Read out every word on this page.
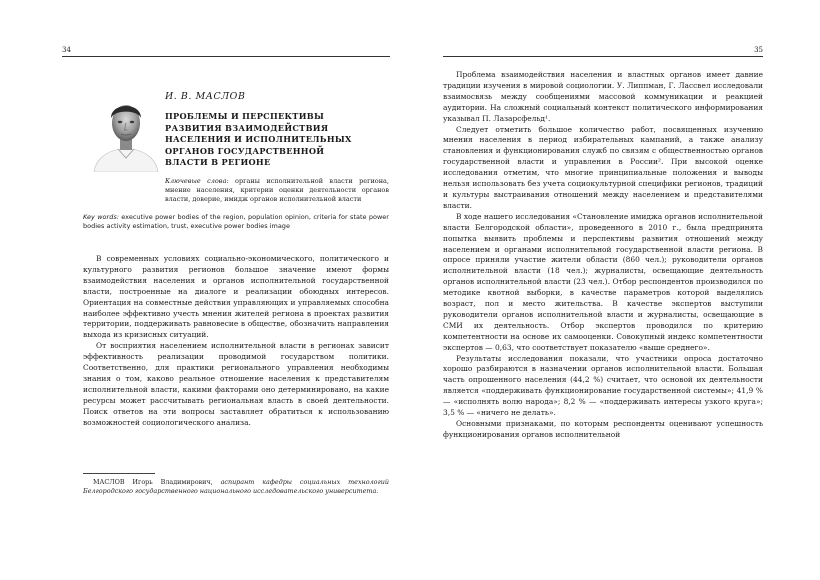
34
И. В. МАСЛОВ
ПРОБЛЕМЫ И ПЕРСПЕКТИВЫ РАЗВИТИЯ ВЗАИМОДЕЙСТВИЯ НАСЕЛЕНИЯ И ИСПОЛНИТЕЛЬНЫХ ОРГАНОВ ГОСУДАРСТВЕННОЙ ВЛАСТИ В РЕГИОНЕ
Ключевые слова: органы исполнительной власти региона, мнение населения, критерии оценки деятельности органов власти, доверие, имидж органов исполнительной власти
Key words: executive power bodies of the region, population opinion, criteria for state power bodies activity estimation, trust, executive power bodies image

В современных условиях социально-экономического, политического и культурного развития регионов большое значение имеют формы взаимодействия населения и органов исполнительной государственной власти, построенные на диалоге и реализации обоюдных интересов. Ориентация на совместные действия управляющих и управляемых способна наиболее эффективно учесть мнения жителей региона в проектах развития территории, поддерживать равновесие в обществе, обозначить направления выхода из кризисных ситуаций.

От восприятия населением исполнительной власти в регионах зависит эффективность реализации проводимой государством политики. Соответственно, для практики регионального управления необходимы знания о том, каково реальное отношение населения к представителям исполнительной власти, какими факторами оно детерминировано, на какие ресурсы может рассчитывать региональная власть в своей деятельности. Поиск ответов на эти вопросы заставляет обратиться к использованию возможностей социологического анализа.

МАСЛОВ Игорь Владимирович, аспирант кафедры социальных технологий Белгородского государственного национального исследовательского университета.
35

Проблема взаимодействия населения и властных органов имеет давние традиции изучения в мировой социологии. У. Липпман, Г. Лассвел исследовали взаимосвязь между сообщениями массовой коммуникации и реакцией аудитории. На сложный социальный контекст политического информирования указывал П. Лазарсфельд¹.

Следует отметить большое количество работ, посвященных изучению мнения населения в период избирательных кампаний, а также анализу становления и функционирования служб по связям с общественностью органов государственной власти и управления в России². При высокой оценке исследования отметим, что многие принципиальные положения и выводы нельзя использовать без учета социокультурной специфики регионов, традиций и культуры выстраивания отношений между населением и представителями власти.

В ходе нашего исследования «Становление имиджа органов исполнительной власти Белгородской области», проведенного в 2010 г., была предпринята попытка выявить проблемы и перспективы развития отношений между населением и органами исполнительной государственной власти региона. В опросе приняли участие жители области (860 чел.); руководители органов исполнительной власти (18 чел.); журналисты, освещающие деятельность органов исполнительной власти (23 чел.). Отбор респондентов производился по методике квотной выборки, в качестве параметров которой выделялись возраст, пол и место жительства. В качестве экспертов выступили руководители органов исполнительной власти и журналисты, освещающие в СМИ их деятельность. Отбор экспертов проводился по критерию компетентности на основе их самооценки. Совокупный индекс компетентности экспертов — 0,63, что соответствует показателю «выше среднего».

Результаты исследования показали, что участники опроса достаточно хорошо разбираются в назначении органов исполнительной власти. Большая часть опрошенного населения (44,2 %) считает, что основой их деятельности является «поддерживать функционирование государственной системы»; 41,9 % — «исполнять волю народа»; 8,2 % — «поддерживать интересы узкого круга»; 3,5 % — «ничего не делать».

Основными признаками, по которым респонденты оценивают успешность функционирования органов исполнительной
